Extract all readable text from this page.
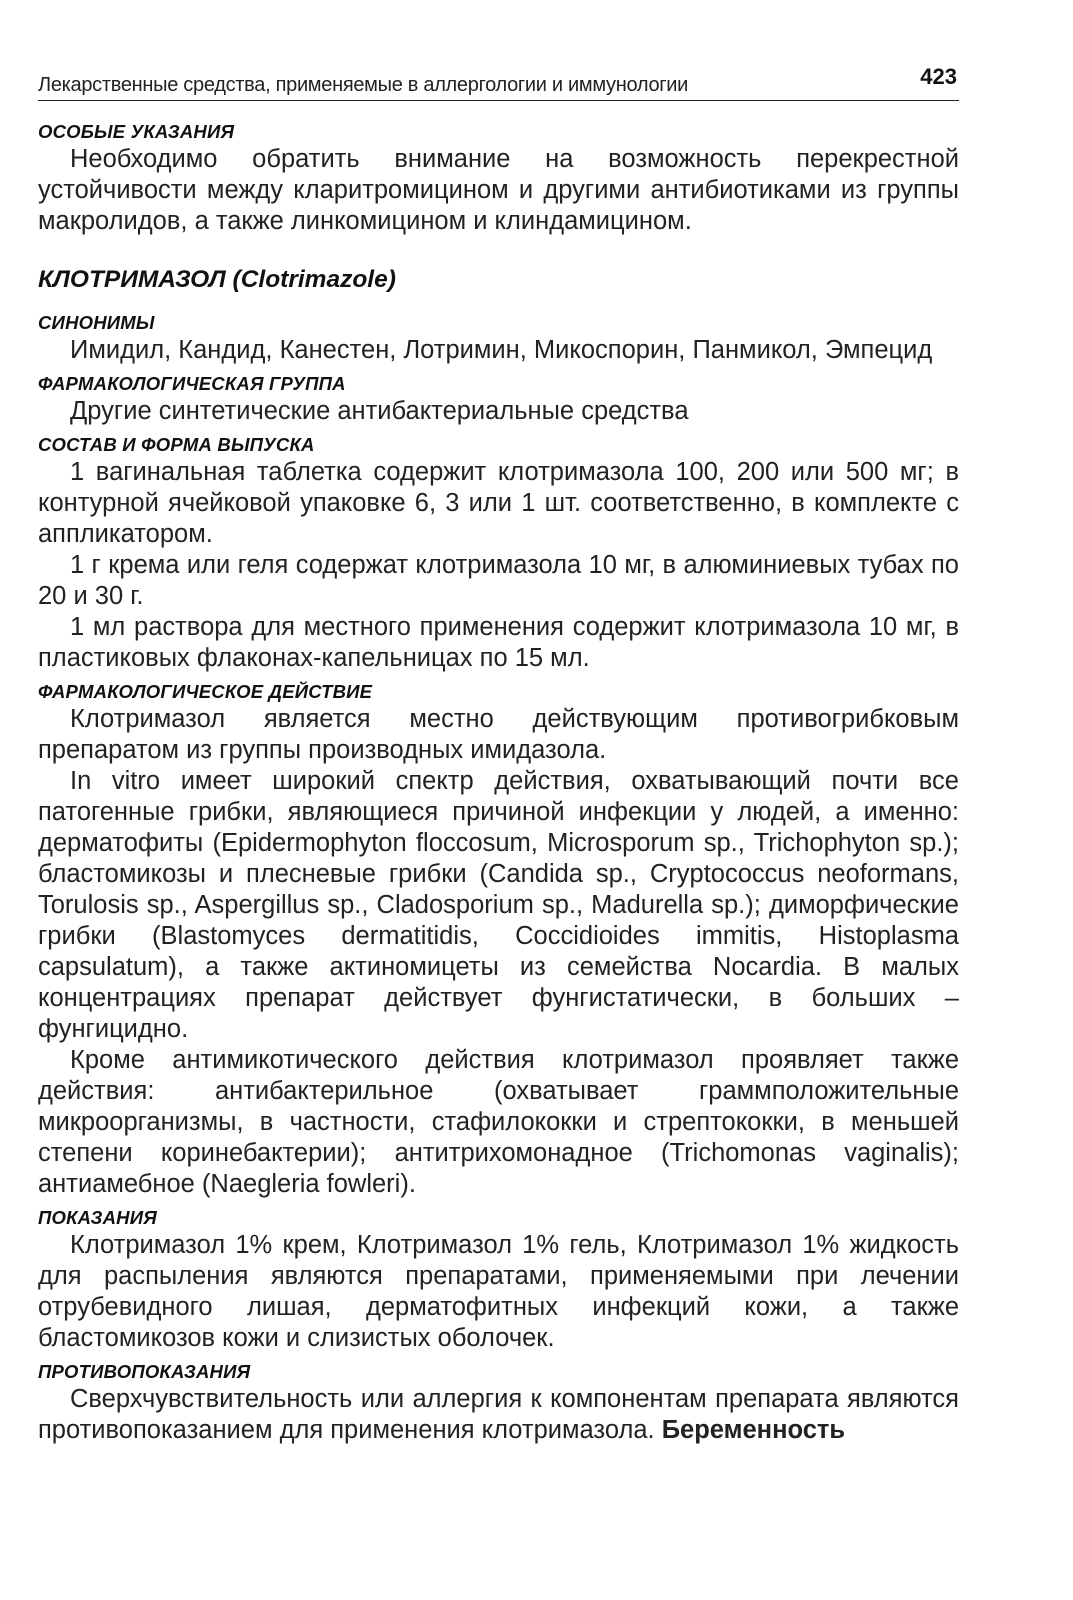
Лекарственные средства, применяемые в аллергологии и иммунологии	423
ОСОБЫЕ УКАЗАНИЯ

Необходимо обратить внимание на возможность перекрестной устойчивости между кларитромицином и другими антибиотиками из группы макролидов, а также линкомицином и клиндамицином.

КЛОТРИМАЗОЛ (Clotrimazole)
СИНОНИМЫ

Имидил, Кандид, Канестен, Лотримин, Микоспорин, Панмикол, Эмпецид

ФАРМАКОЛОГИЧЕСКАЯ ГРУППА

Другие синтетические антибактериальные средства

СОСТАВ И ФОРМА ВЫПУСКА

1 вагинальная таблетка содержит клотримазола 100, 200 или 500 мг; в контурной ячейковой упаковке 6, 3 или 1 шт. соответственно, в комплекте с аппликатором.

1 г крема или геля содержат клотримазола 10 мг, в алюминиевых тубах по 20 и 30 г.

1 мл раствора для местного применения содержит клотримазола 10 мг, в пластиковых флаконах-капельницах по 15 мл.

ФАРМАКОЛОГИЧЕСКОЕ ДЕЙСТВИЕ

Клотримазол является местно действующим противогрибковым препаратом из группы производных имидазола.

In vitro имеет широкий спектр действия, охватывающий почти все патогенные грибки, являющиеся причиной инфекции у людей, а именно: дерматофиты (Epidermophyton floccosum, Microsporum sp., Trichophyton sp.); бластомикозы и плесневые грибки (Candida sp., Cryptococcus neoformans, Torulosis sp., Aspergillus sp., Cladosporium sp., Madurella sp.); диморфические грибки (Blastomyces dermatitidis, Coccidioides immitis, Histoplasma capsulatum), а также актиномицеты из семейства Nocardia. В малых концентрациях препарат действует фунгистатически, в больших – фунгицидно.

Кроме антимикотического действия клотримазол проявляет также действия: антибактерильное (охватывает граммположительные микроорганизмы, в частности, стафилококки и стрептококки, в меньшей степени коринебактерии); антитрихомонадное (Trichomonas vaginalis); антиамебное (Naegleria fowleri).

ПОКАЗАНИЯ

Клотримазол 1% крем, Клотримазол 1% гель, Клотримазол 1% жидкость для распыления являются препаратами, применяемыми при лечении отрубевидного лишая, дерматофитных инфекций кожи, а также бластомикозов кожи и слизистых оболочек.

ПРОТИВОПОКАЗАНИЯ

Сверхчувствительность или аллергия к компонентам препарата являются противопоказанием для применения клотримазола. Беременность
